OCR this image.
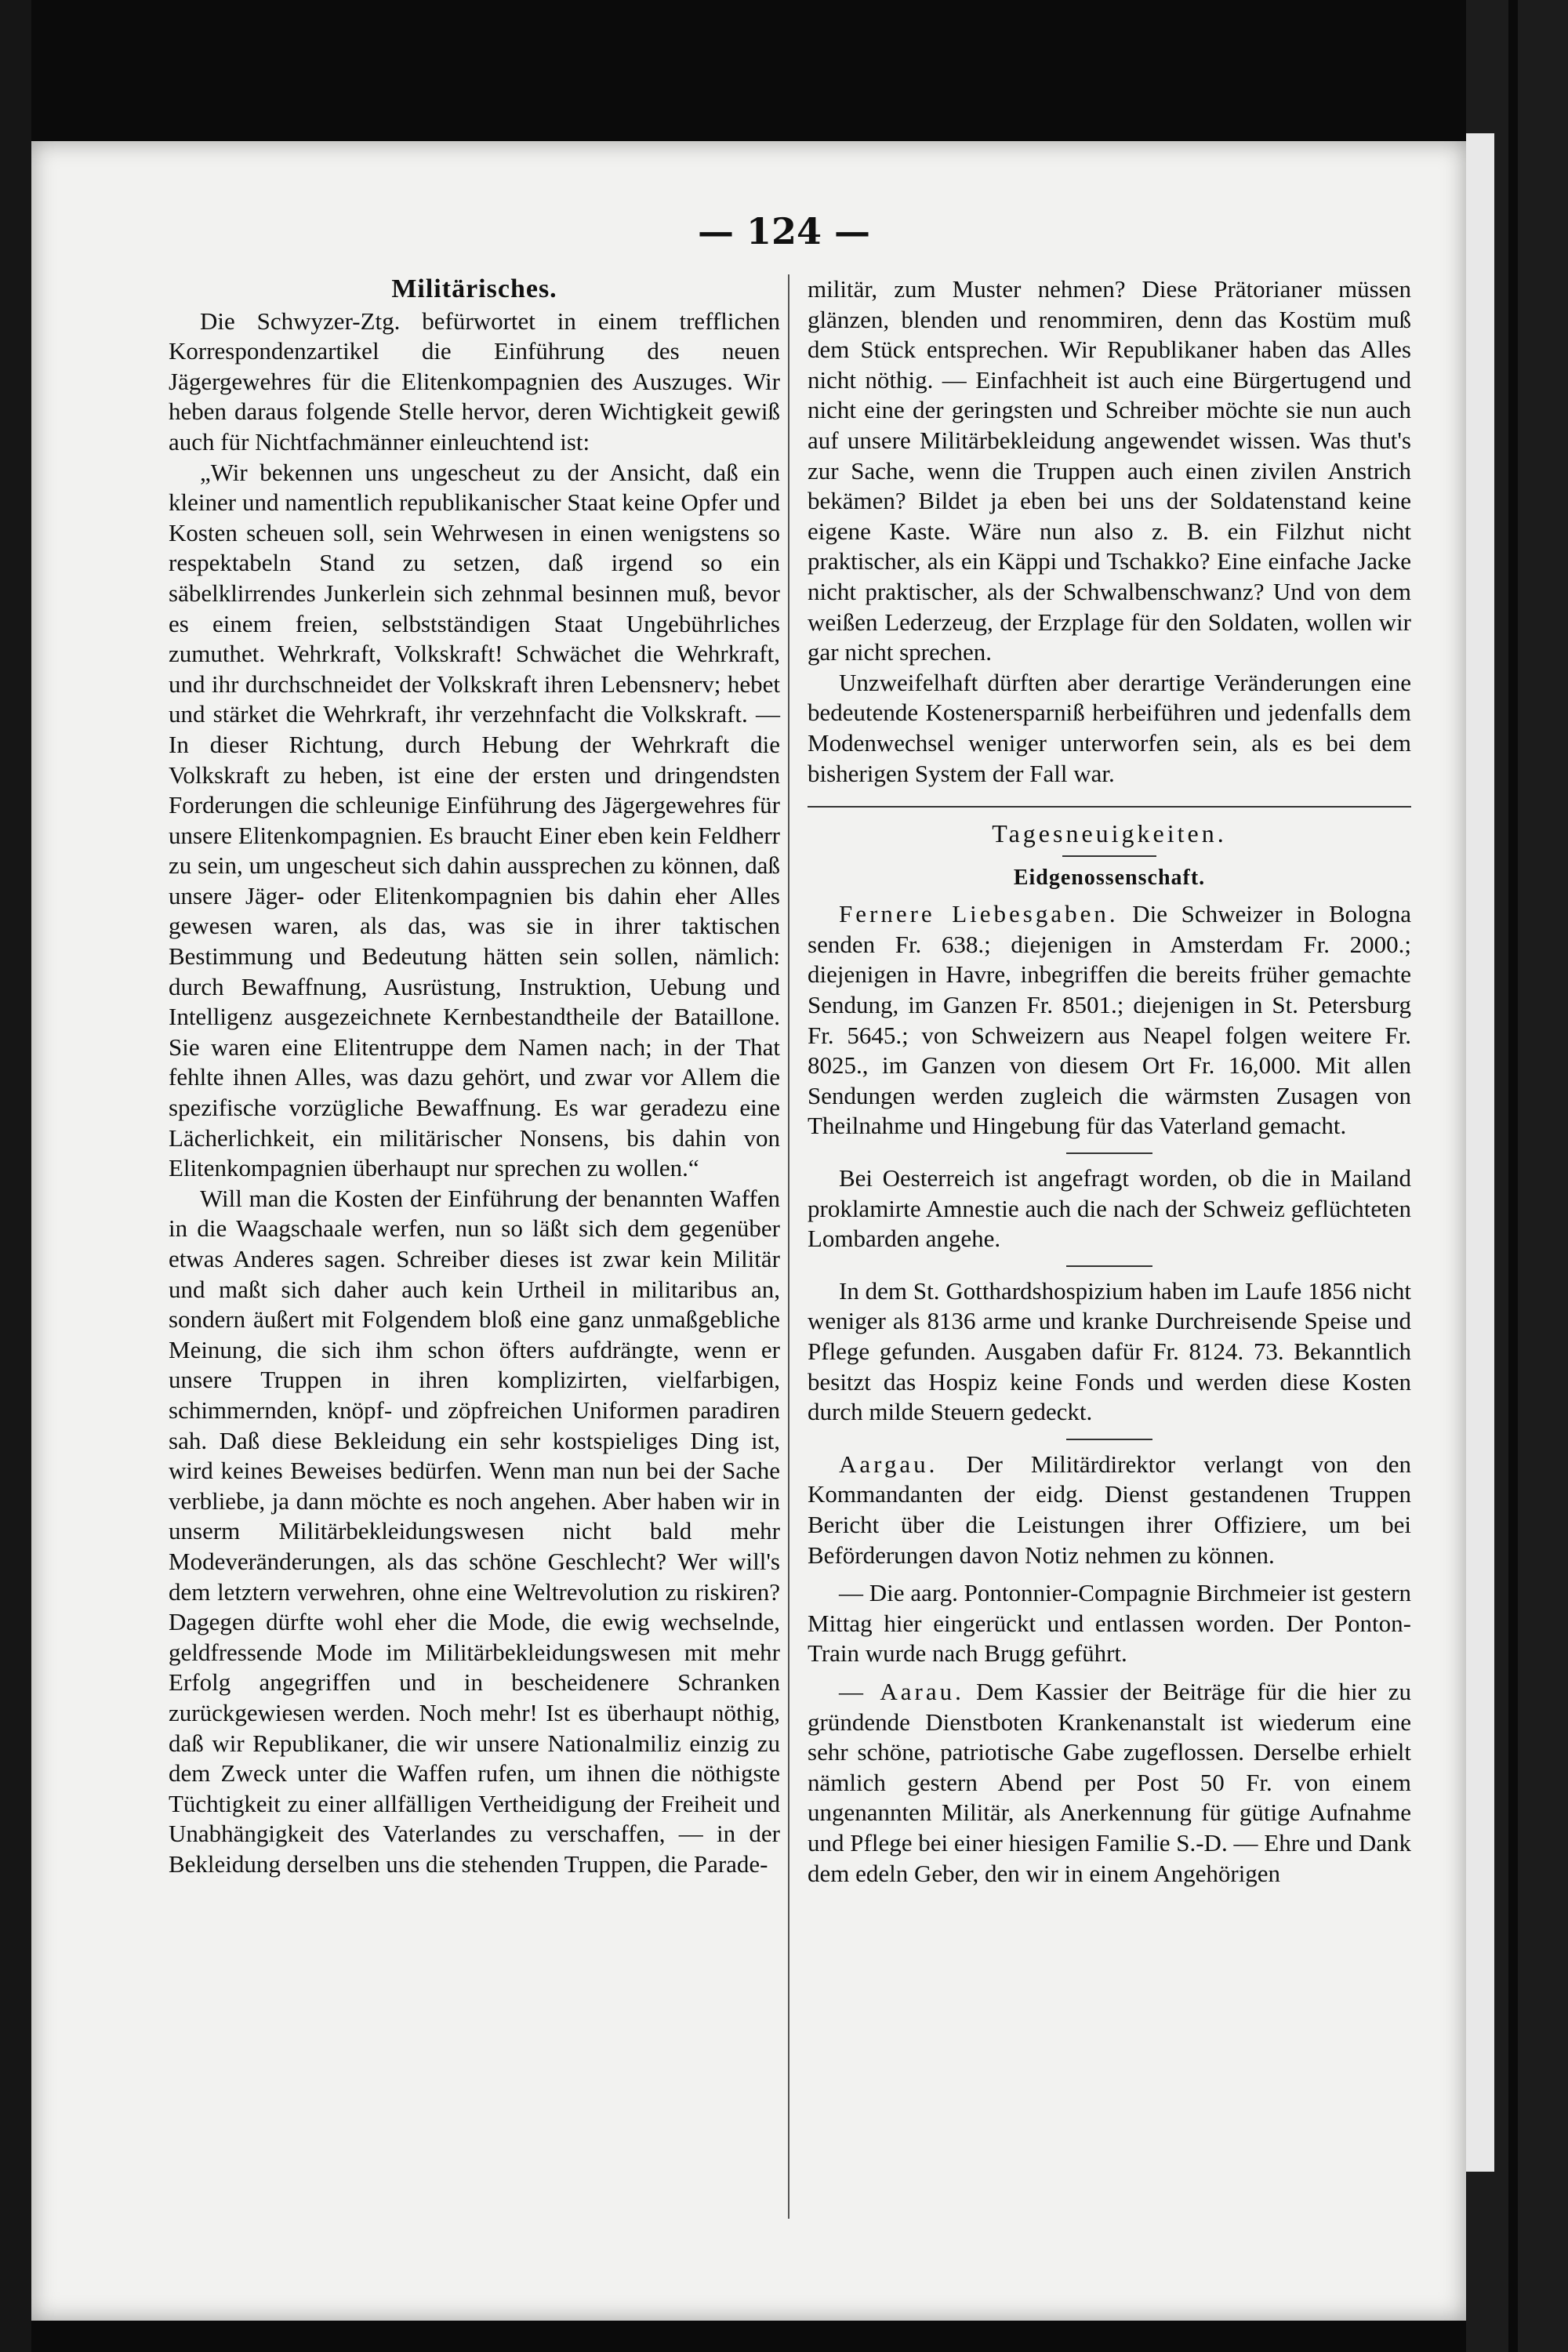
— 124 —
Militärisches.

Die Schwyzer-Ztg. befürwortet in einem trefflichen Korrespondenzartikel die Einführung des neuen Jägergewehres für die Elitenkompagnien des Auszuges. Wir heben daraus folgende Stelle hervor, deren Wichtigkeit gewiß auch für Nichtfachmänner einleuchtend ist:

„Wir bekennen uns ungescheut zu der Ansicht, daß ein kleiner und namentlich republikanischer Staat keine Opfer und Kosten scheuen soll, sein Wehrwesen in einen wenigstens so respektabeln Stand zu setzen, daß irgend so ein säbelklirrendes Junkerlein sich zehnmal besinnen muß, bevor es einem freien, selbstständigen Staat Ungebührliches zumuthet. Wehrkraft, Volkskraft! Schwächet die Wehrkraft, und ihr durchschneidet der Volkskraft ihren Lebensnerv; hebet und stärket die Wehrkraft, ihr verzehnfacht die Volkskraft. — In dieser Richtung, durch Hebung der Wehrkraft die Volkskraft zu heben, ist eine der ersten und dringendsten Forderungen die schleunige Einführung des Jägergewehres für unsere Elitenkompagnien. Es braucht Einer eben kein Feldherr zu sein, um ungescheut sich dahin aussprechen zu können, daß unsere Jäger- oder Elitenkompagnien bis dahin eher Alles gewesen waren, als das, was sie in ihrer taktischen Bestimmung und Bedeutung hätten sein sollen, nämlich: durch Bewaffnung, Ausrüstung, Instruktion, Uebung und Intelligenz ausgezeichnete Kernbestandtheile der Bataillone. Sie waren eine Elitentruppe dem Namen nach; in der That fehlte ihnen Alles, was dazu gehört, und zwar vor Allem die spezifische vorzügliche Bewaffnung. Es war geradezu eine Lächerlichkeit, ein militärischer Nonsens, bis dahin von Elitenkompagnien überhaupt nur sprechen zu wollen.“

Will man die Kosten der Einführung der benannten Waffen in die Waagschaale werfen, nun so läßt sich dem gegenüber etwas Anderes sagen. Schreiber dieses ist zwar kein Militär und maßt sich daher auch kein Urtheil in militaribus an, sondern äußert mit Folgendem bloß eine ganz unmaßgebliche Meinung, die sich ihm schon öfters aufdrängte, wenn er unsere Truppen in ihren komplizirten, vielfarbigen, schimmernden, knöpf- und zöpfreichen Uniformen paradiren sah. Daß diese Bekleidung ein sehr kostspieliges Ding ist, wird keines Beweises bedürfen. Wenn man nun bei der Sache verbliebe, ja dann möchte es noch angehen. Aber haben wir in unserm Militärbekleidungswesen nicht bald mehr Modeveränderungen, als das schöne Geschlecht? Wer will's dem letztern verwehren, ohne eine Weltrevolution zu riskiren? Dagegen dürfte wohl eher die Mode, die ewig wechselnde, geldfressende Mode im Militärbekleidungswesen mit mehr Erfolg angegriffen und in bescheidenere Schranken zurückgewiesen werden. Noch mehr! Ist es überhaupt nöthig, daß wir Republikaner, die wir unsere Nationalmiliz einzig zu dem Zweck unter die Waffen rufen, um ihnen die nöthigste Tüchtigkeit zu einer allfälligen Vertheidigung der Freiheit und Unabhängigkeit des Vaterlandes zu verschaffen, — in der Bekleidung derselben uns die stehenden Truppen, die Parade-

militär, zum Muster nehmen? Diese Prätorianer müssen glänzen, blenden und renommiren, denn das Kostüm muß dem Stück entsprechen. Wir Republikaner haben das Alles nicht nöthig. — Einfachheit ist auch eine Bürgertugend und nicht eine der geringsten und Schreiber möchte sie nun auch auf unsere Militärbekleidung angewendet wissen. Was thut's zur Sache, wenn die Truppen auch einen zivilen Anstrich bekämen? Bildet ja eben bei uns der Soldatenstand keine eigene Kaste. Wäre nun also z. B. ein Filzhut nicht praktischer, als ein Käppi und Tschakko? Eine einfache Jacke nicht praktischer, als der Schwalbenschwanz? Und von dem weißen Lederzeug, der Erzplage für den Soldaten, wollen wir gar nicht sprechen.

Unzweifelhaft dürften aber derartige Veränderungen eine bedeutende Kostenersparniß herbeiführen und jedenfalls dem Modenwechsel weniger unterworfen sein, als es bei dem bisherigen System der Fall war.

Tagesneuigkeiten.
Eidgenossenschaft.

Fernere Liebesgaben. Die Schweizer in Bologna senden Fr. 638.; diejenigen in Amsterdam Fr. 2000.; diejenigen in Havre, inbegriffen die bereits früher gemachte Sendung, im Ganzen Fr. 8501.; diejenigen in St. Petersburg Fr. 5645.; von Schweizern aus Neapel folgen weitere Fr. 8025., im Ganzen von diesem Ort Fr. 16,000. Mit allen Sendungen werden zugleich die wärmsten Zusagen von Theilnahme und Hingebung für das Vaterland gemacht.

Bei Oesterreich ist angefragt worden, ob die in Mailand proklamirte Amnestie auch die nach der Schweiz geflüchteten Lombarden angehe.

In dem St. Gotthardshospizium haben im Laufe 1856 nicht weniger als 8136 arme und kranke Durchreisende Speise und Pflege gefunden. Ausgaben dafür Fr. 8124. 73. Bekanntlich besitzt das Hospiz keine Fonds und werden diese Kosten durch milde Steuern gedeckt.

Aargau. Der Militärdirektor verlangt von den Kommandanten der eidg. Dienst gestandenen Truppen Bericht über die Leistungen ihrer Offiziere, um bei Beförderungen davon Notiz nehmen zu können.

— Die aarg. Pontonnier-Compagnie Birchmeier ist gestern Mittag hier eingerückt und entlassen worden. Der Ponton-Train wurde nach Brugg geführt.

— Aarau. Dem Kassier der Beiträge für die hier zu gründende Dienstboten Krankenanstalt ist wiederum eine sehr schöne, patriotische Gabe zugeflossen. Derselbe erhielt nämlich gestern Abend per Post 50 Fr. von einem ungenannten Militär, als Anerkennung für gütige Aufnahme und Pflege bei einer hiesigen Familie S.-D. — Ehre und Dank dem edeln Geber, den wir in einem Angehörigen
